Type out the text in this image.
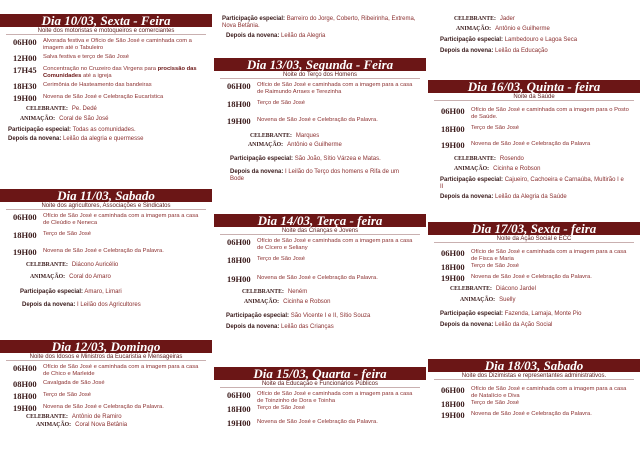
Dia 10/03, Sexta - Feira
Noite dos motoristas e motoqueiros e comerciantes
06H00	Alvorada festiva e Ofício de São José e caminhada com a imagem até o Tabuleiro
12H00	Salva festiva e terço de São José
17H45	Concentração no Cruzeiro das Virgens para procissão das Comunidades até a igreja
18H30	Cerimônia de Hasteamento das bandeiras
19H00	Novena de São José e Celebração Eucarística
CELEBRANTE: Pe. Dedé
ANIMAÇÃO: Coral de São José
Participação especial: Todas as comunidades.
Depois da novena: Leilão da alegria e quermesse
Dia 11/03, Sabado
Noite dos agricultores, Associações e Sindicatos
06H00	Ofício de São José e caminhada com a imagem para a casa de Cleúdio e Neneca
18H00	Terço de São José
19H00	Novena de São José e Celebração da Palavra.
CELEBRANTE: Diácono Auricélio
ANIMAÇÃO: Coral do Amaro
Participação especial: Amaro, Limari
Depois da novena: I Leilão dos Agricultores
Dia 12/03, Domingo
Noite dos Idosos e Ministros da Eucaristia e Mensageiras
06H00	Ofício de São José e caminhada com a imagem para a casa de Chico e Marleide
08H00	Cavalgada de São José
18H00	Terço de São José
19H00	Novena de São José e Celebração da Palavra.
CELEBRANTE: Antônio de Ramiro
ANIMAÇÃO: Coral Nova Betânia
Participação especial: Barreiro do Jorge, Coberto, Ribeirinha, Extrema, Nova Betânia.
Depois da novena: Leilão da Alegria
Dia 13/03, Segunda - Feira
Noite do Terço dos Homens
06H00	Ofício de São José e caminhada com a imagem para a casa de Raimundo Arraes e Terezinha
18H00	Terço de São José
19H00	Novena de São José e Celebração da Palavra.
CELEBRANTE: Marques
ANIMAÇÃO: Antônio e Guilherme
Participação especial: São João, Sítio Várzea e Matas.
Depois da novena: I Leilão do Terço dos homens e Rifa de um Bode
Dia 14/03, Terça - feira
Noite das Crianças e Jovens
06H00	Ofício de São José e caminhada com a imagem para a casa de Cícero e Seliany
18H00	Terço de São José
19H00	Novena de São José e Celebração da Palavra.
CELEBRANTE: Neném
ANIMAÇÃO: Cicinha e Robson
Participação especial: São Vicente I e II, Sítio Souza
Depois da novena: Leilão das Crianças
Dia 15/03, Quarta - feira
Noite da Educação e Funcionários Públicos
06H00	Ofício de São José e caminhada com a imagem para a casa de Toinzinho de Dora e Toinha
18H00	Terço de São José
19H00	Novena de São José e Celebração da Palavra.
CELEBRANTE: Jader
ANIMAÇÃO: Antônio e Guilherme
Participação especial: Lambedouro e Lagoa Seca
Depois da novena: Leilão da Educação
Dia 16/03, Quinta - feira
Noite da Saúde
06H00	Ofício de São José e caminhada com a imagem para o Posto de Saúde.
18H00	Terço de São José
19H00	Novena de São José e Celebração da Palavra
CELEBRANTE: Rosendo
ANIMAÇÃO: Cicinha e Robson
Participação especial: Cajueiro, Cachoeira e Carnaúba, Multirão I e II
Depois da novena: Leilão da Alegria da Saúde
Dia 17/03, Sexta - feira
Noite da Ação Social e ECC
06H00	Ofício de São José e caminhada com a imagem para a casa de Fisca e Maria
18H00	Terço de São José
19H00	Novena de São José e Celebração da Palavra.
CELEBRANTE: Diácono Jardel
ANIMAÇÃO: Suelly
Participação especial: Fazenda, Lamaja, Monte Pio
Depois da novena: Leilão da Ação Social
Dia 18/03, Sabado
Noite dos Dizimistas e representantes administrativos.
06H00	Ofício de São José e caminhada com a imagem para a casa de Natalício e Diva
18H00	Terço de São José
19H00	Novena de São José e Celebração da Palavra.
